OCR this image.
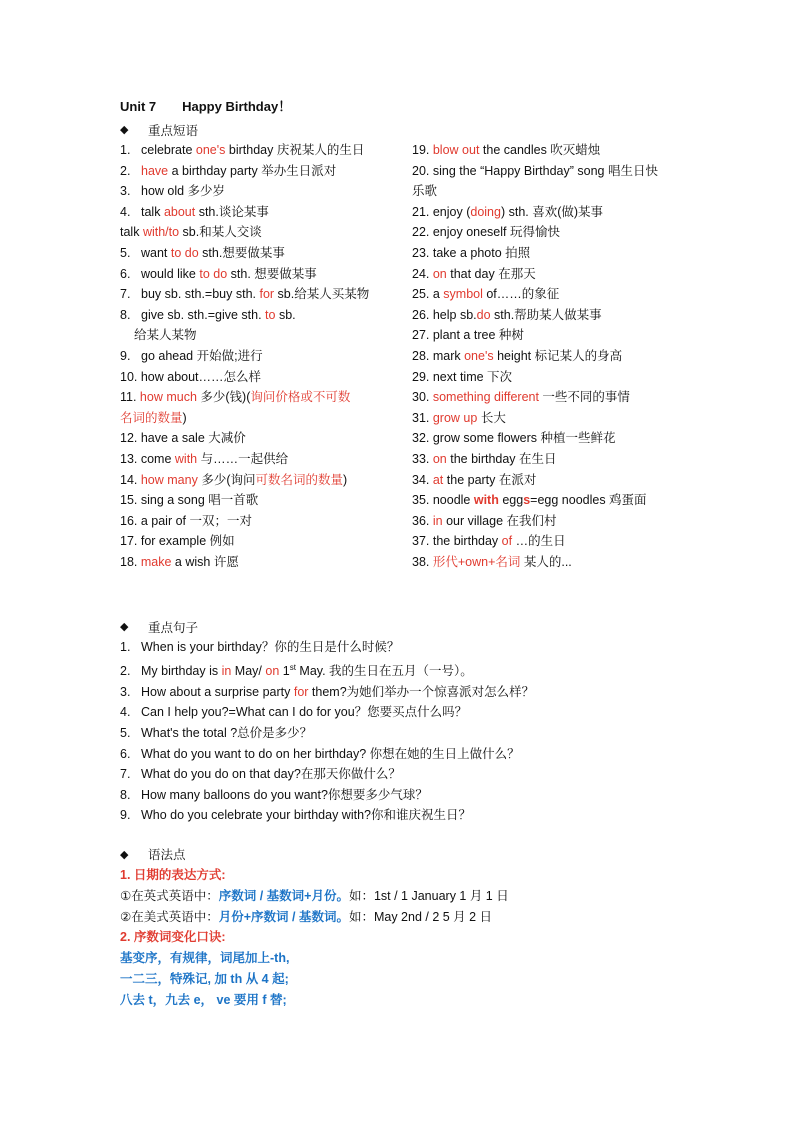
Unit 7 Happy Birthday！
◆	重点短语
1. celebrate one's birthday 庆祝某人的生日
2. have a birthday party 举办生日派对
3. how old 多少岁
4. talk about sth.谈论某事
talk with/to sb.和某人交谈
5. want to do sth.想要做某事
6. would like to do sth. 想要做某事
7. buy sb. sth.=buy sth. for sb.给某人买某物
8. give sb. sth.=give sth. to sb.
给某人某物
9. go ahead 开始做;进行
10. how about……怎么样
11. how much 多少(钱)(询问价格或不可数
名词的数量)
12. have a sale 大减价
13. come with 与……一起供给
14. how many 多少(询问可数名词的数量)
15. sing a song 唱一首歌
16. a pair of 一双；一对
17. for example 例如
18. make a wish 许愿
19. blow out the candles 吹灭蜡烛
20. sing the “Happy Birthday” song 唱生日快
乐歌
21. enjoy (doing) sth. 喜欢(做)某事
22. enjoy oneself 玩得愉快
23. take a photo 拍照
24. on that day 在那天
25. a symbol of……的象征
26. help sb.do sth.帮助某人做某事
27. plant a tree 种树
28. mark one's height 标记某人的身高
29. next time 下次
30. something different 一些不同的事情
31. grow up 长大
32. grow some flowers 种植一些鲜花
33. on the birthday 在生日
34. at the party 在派对
35. noodle with eggs=egg noodles 鸡蛋面
36. in our village 在我们村
37. the birthday of …的生日
38. 形代+own+名词 某人的...
◆	重点句子
1. When is your birthday？你的生日是什么时候？
2. My birthday is in May/ on 1st May. 我的生日在五月（一号）。
3. How about a surprise party for them?为她们举办一个惊喜派对怎么样？
4. Can I help you?=What can I do for you？您要买点什么吗？
5. What's the total ?总价是多少？
6. What do you want to do on her birthday? 你想在她的生日上做什么？
7. What do you do on that day?在那天你做什么？
8. How many balloons do you want?你想要多少气球？
9. Who do you celebrate your birthday with?你和谁庆祝生日？
◆	语法点
1. 日期的表达方式:
①在英式英语中：序数词 / 基数词+月份。如：1st / 1 January 1 月 1 日
②在美式英语中：月份+序数词 / 基数词。如：May 2nd / 2 5 月 2 日
2. 序数词变化口诀:
基变序，有规律，词尾加上-th,
一二三，特殊记, 加 th 从 4 起;
八去 t，九去 e， ve 要用 f 替;
